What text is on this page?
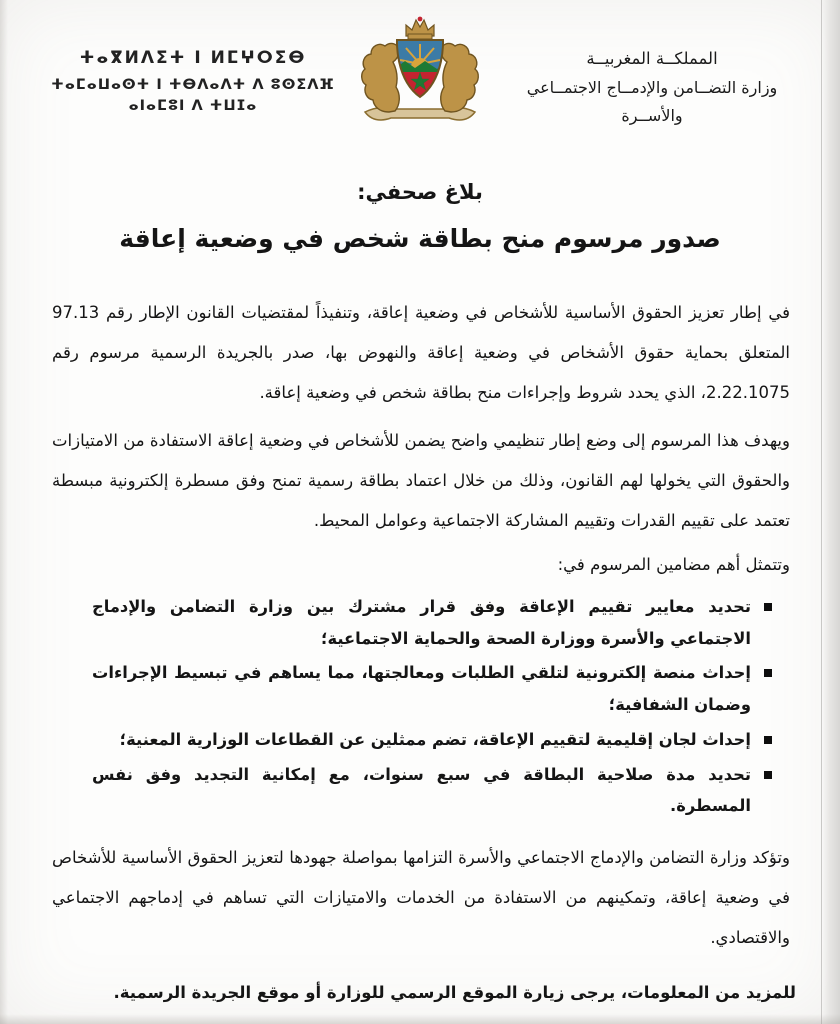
ⵜⴰⴳⵍⴷⵉⵜ ⵏ ⵍⵎⵖⵔⵉⴱ
ⵜⴰⵎⴰⵡⴰⵙⵜ ⵏ ⵜⴱⴷⴰⴷⵜ ⴷ ⵓⵙⵉⴷⴼ
ⴰⵏⴰⵎⵓⵏ ⴷ ⵜⵡⵊⴰ
المملكــة المغربيــة
وزارة التضــامن والإدمــاج الاجتمــاعي
والأســرة
بلاغ صحفي:
صدور مرسوم منح بطاقة شخص في وضعية إعاقة

في إطار تعزيز الحقوق الأساسية للأشخاص في وضعية إعاقة، وتنفيذاً لمقتضيات القانون الإطار رقم 97.13 المتعلق بحماية حقوق الأشخاص في وضعية إعاقة والنهوض بها، صدر بالجريدة الرسمية مرسوم رقم 2.22.1075، الذي يحدد شروط وإجراءات منح بطاقة شخص في وضعية إعاقة.

ويهدف هذا المرسوم إلى وضع إطار تنظيمي واضح يضمن للأشخاص في وضعية إعاقة الاستفادة من الامتيازات والحقوق التي يخولها لهم القانون، وذلك من خلال اعتماد بطاقة رسمية تمنح وفق مسطرة إلكترونية مبسطة تعتمد على تقييم القدرات وتقييم المشاركة الاجتماعية وعوامل المحيط.

وتتمثل أهم مضامين المرسوم في:

تحديد معايير تقييم الإعاقة وفق قرار مشترك بين وزارة التضامن والإدماج الاجتماعي والأسرة ووزارة الصحة والحماية الاجتماعية؛
إحداث منصة إلكترونية لتلقي الطلبات ومعالجتها، مما يساهم في تبسيط الإجراءات وضمان الشفافية؛
إحداث لجان إقليمية لتقييم الإعاقة، تضم ممثلين عن القطاعات الوزارية المعنية؛
تحديد مدة صلاحية البطاقة في سبع سنوات، مع إمكانية التجديد وفق نفس المسطرة.

وتؤكد وزارة التضامن والإدماج الاجتماعي والأسرة التزامها بمواصلة جهودها لتعزيز الحقوق الأساسية للأشخاص في وضعية إعاقة، وتمكينهم من الاستفادة من الخدمات والامتيازات التي تساهم في إدماجهم الاجتماعي والاقتصادي.

للمزيد من المعلومات، يرجى زيارة الموقع الرسمي للوزارة أو موقع الجريدة الرسمية.
